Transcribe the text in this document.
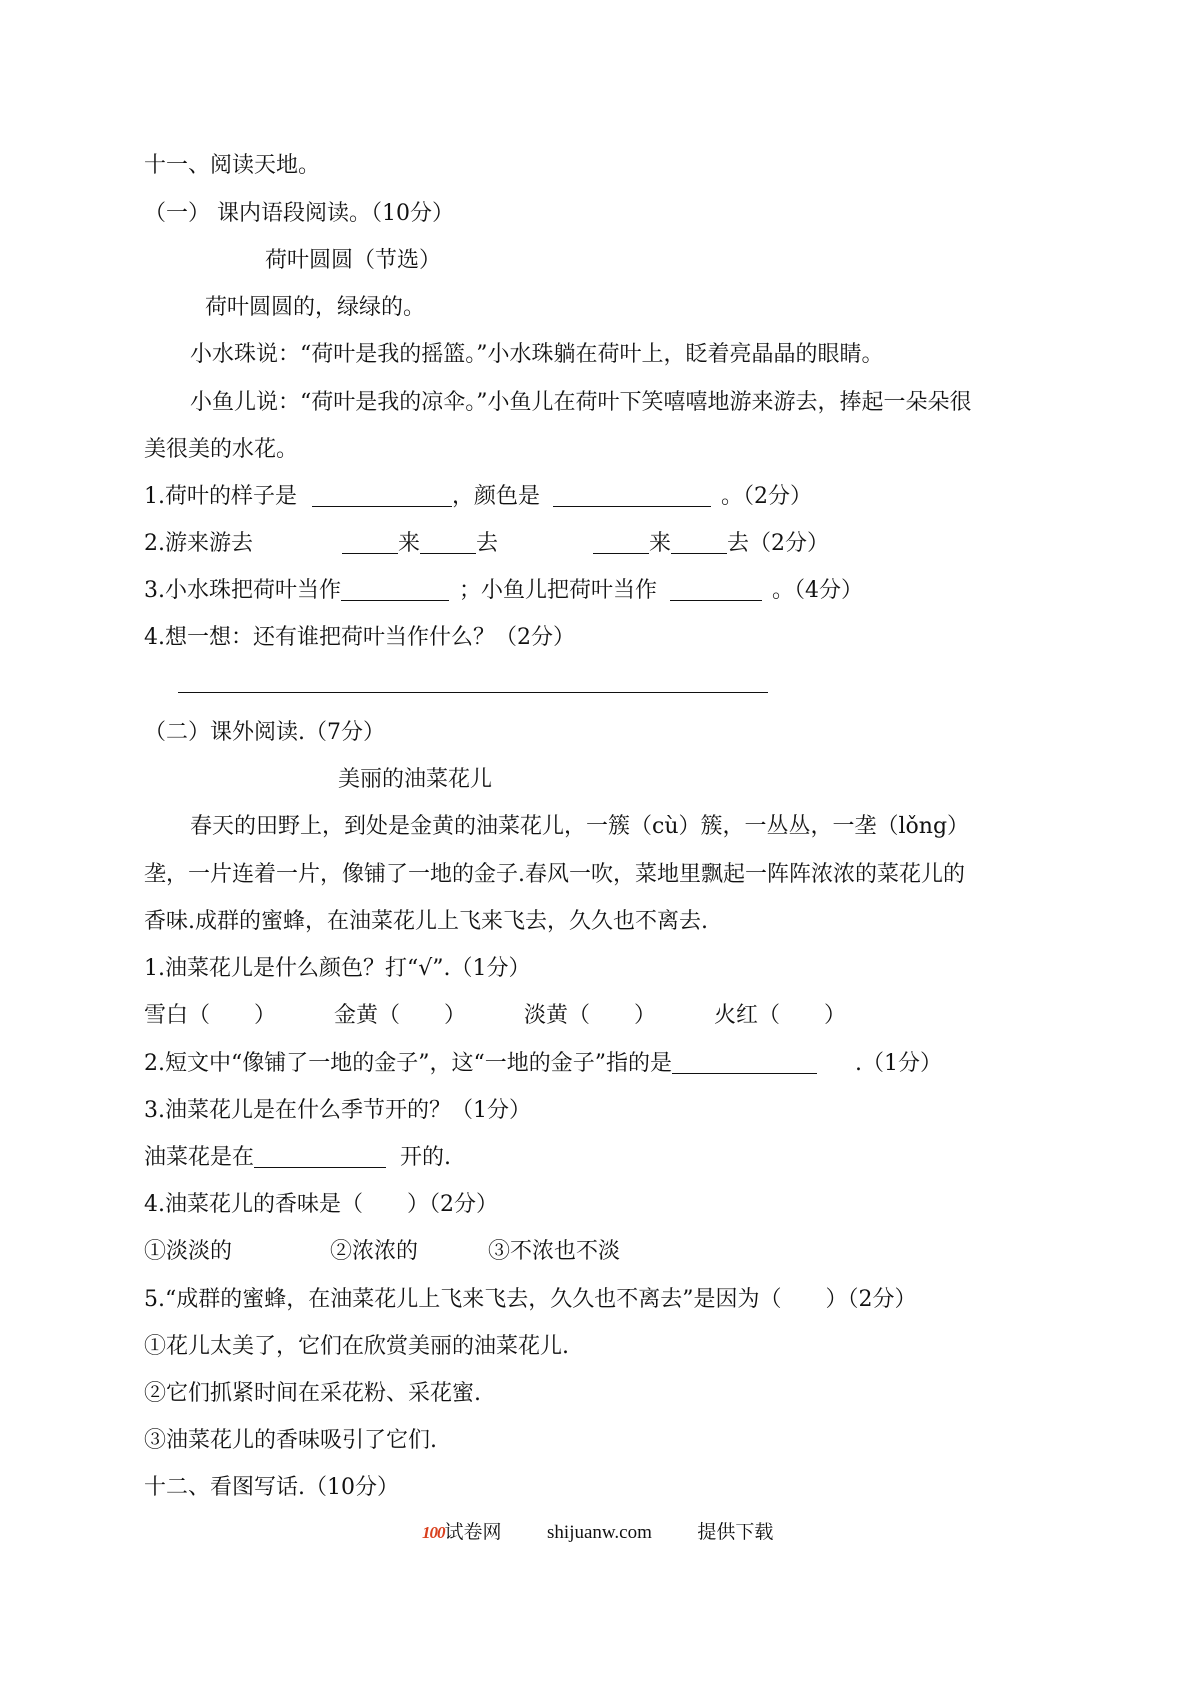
十一、阅读天地。
（一） 课内语段阅读。（10分）
荷叶圆圆（节选）
荷叶圆圆的，绿绿的。
小水珠说：“荷叶是我的摇篮。”小水珠躺在荷叶上，眨着亮晶晶的眼睛。
小鱼儿说：“荷叶是我的凉伞。”小鱼儿在荷叶下笑嘻嘻地游来游去，捧起一朵朵很
美很美的水花。
1.荷叶的样子是	，颜色是	。（2分）
2.游来游去	来	去	来	去（2分）
3.小水珠把荷叶当作	；小鱼儿把荷叶当作	。（4分）
4.想一想：还有谁把荷叶当作什么？（2分）
（二）课外阅读.（7分）
美丽的油菜花儿
春天的田野上，到处是金黄的油菜花儿，一簇（cù）簇，一丛丛，一垄（lǒng）
垄，一片连着一片，像铺了一地的金子.春风一吹，菜地里飘起一阵阵浓浓的菜花儿的
香味.成群的蜜蜂，在油菜花儿上飞来飞去，久久也不离去.
1.油菜花儿是什么颜色？打“√”.（1分）
雪白（　　）	金黄（　　）	淡黄（　　）	火红（　　）
2.短文中“像铺了一地的金子”，这“一地的金子”指的是	.（1分）
3.油菜花儿是在什么季节开的？（1分）
油菜花是在	开的.
4.油菜花儿的香味是（　　）（2分）
①淡淡的	②浓浓的	③不浓也不淡
5.“成群的蜜蜂，在油菜花儿上飞来飞去，久久也不离去”是因为（　　）（2分）
①花儿太美了，它们在欣赏美丽的油菜花儿.
②它们抓紧时间在采花粉、采花蜜.
③油菜花儿的香味吸引了它们.
十二、看图写话.（10分）
100试卷网 shijuanw.com 提供下载
